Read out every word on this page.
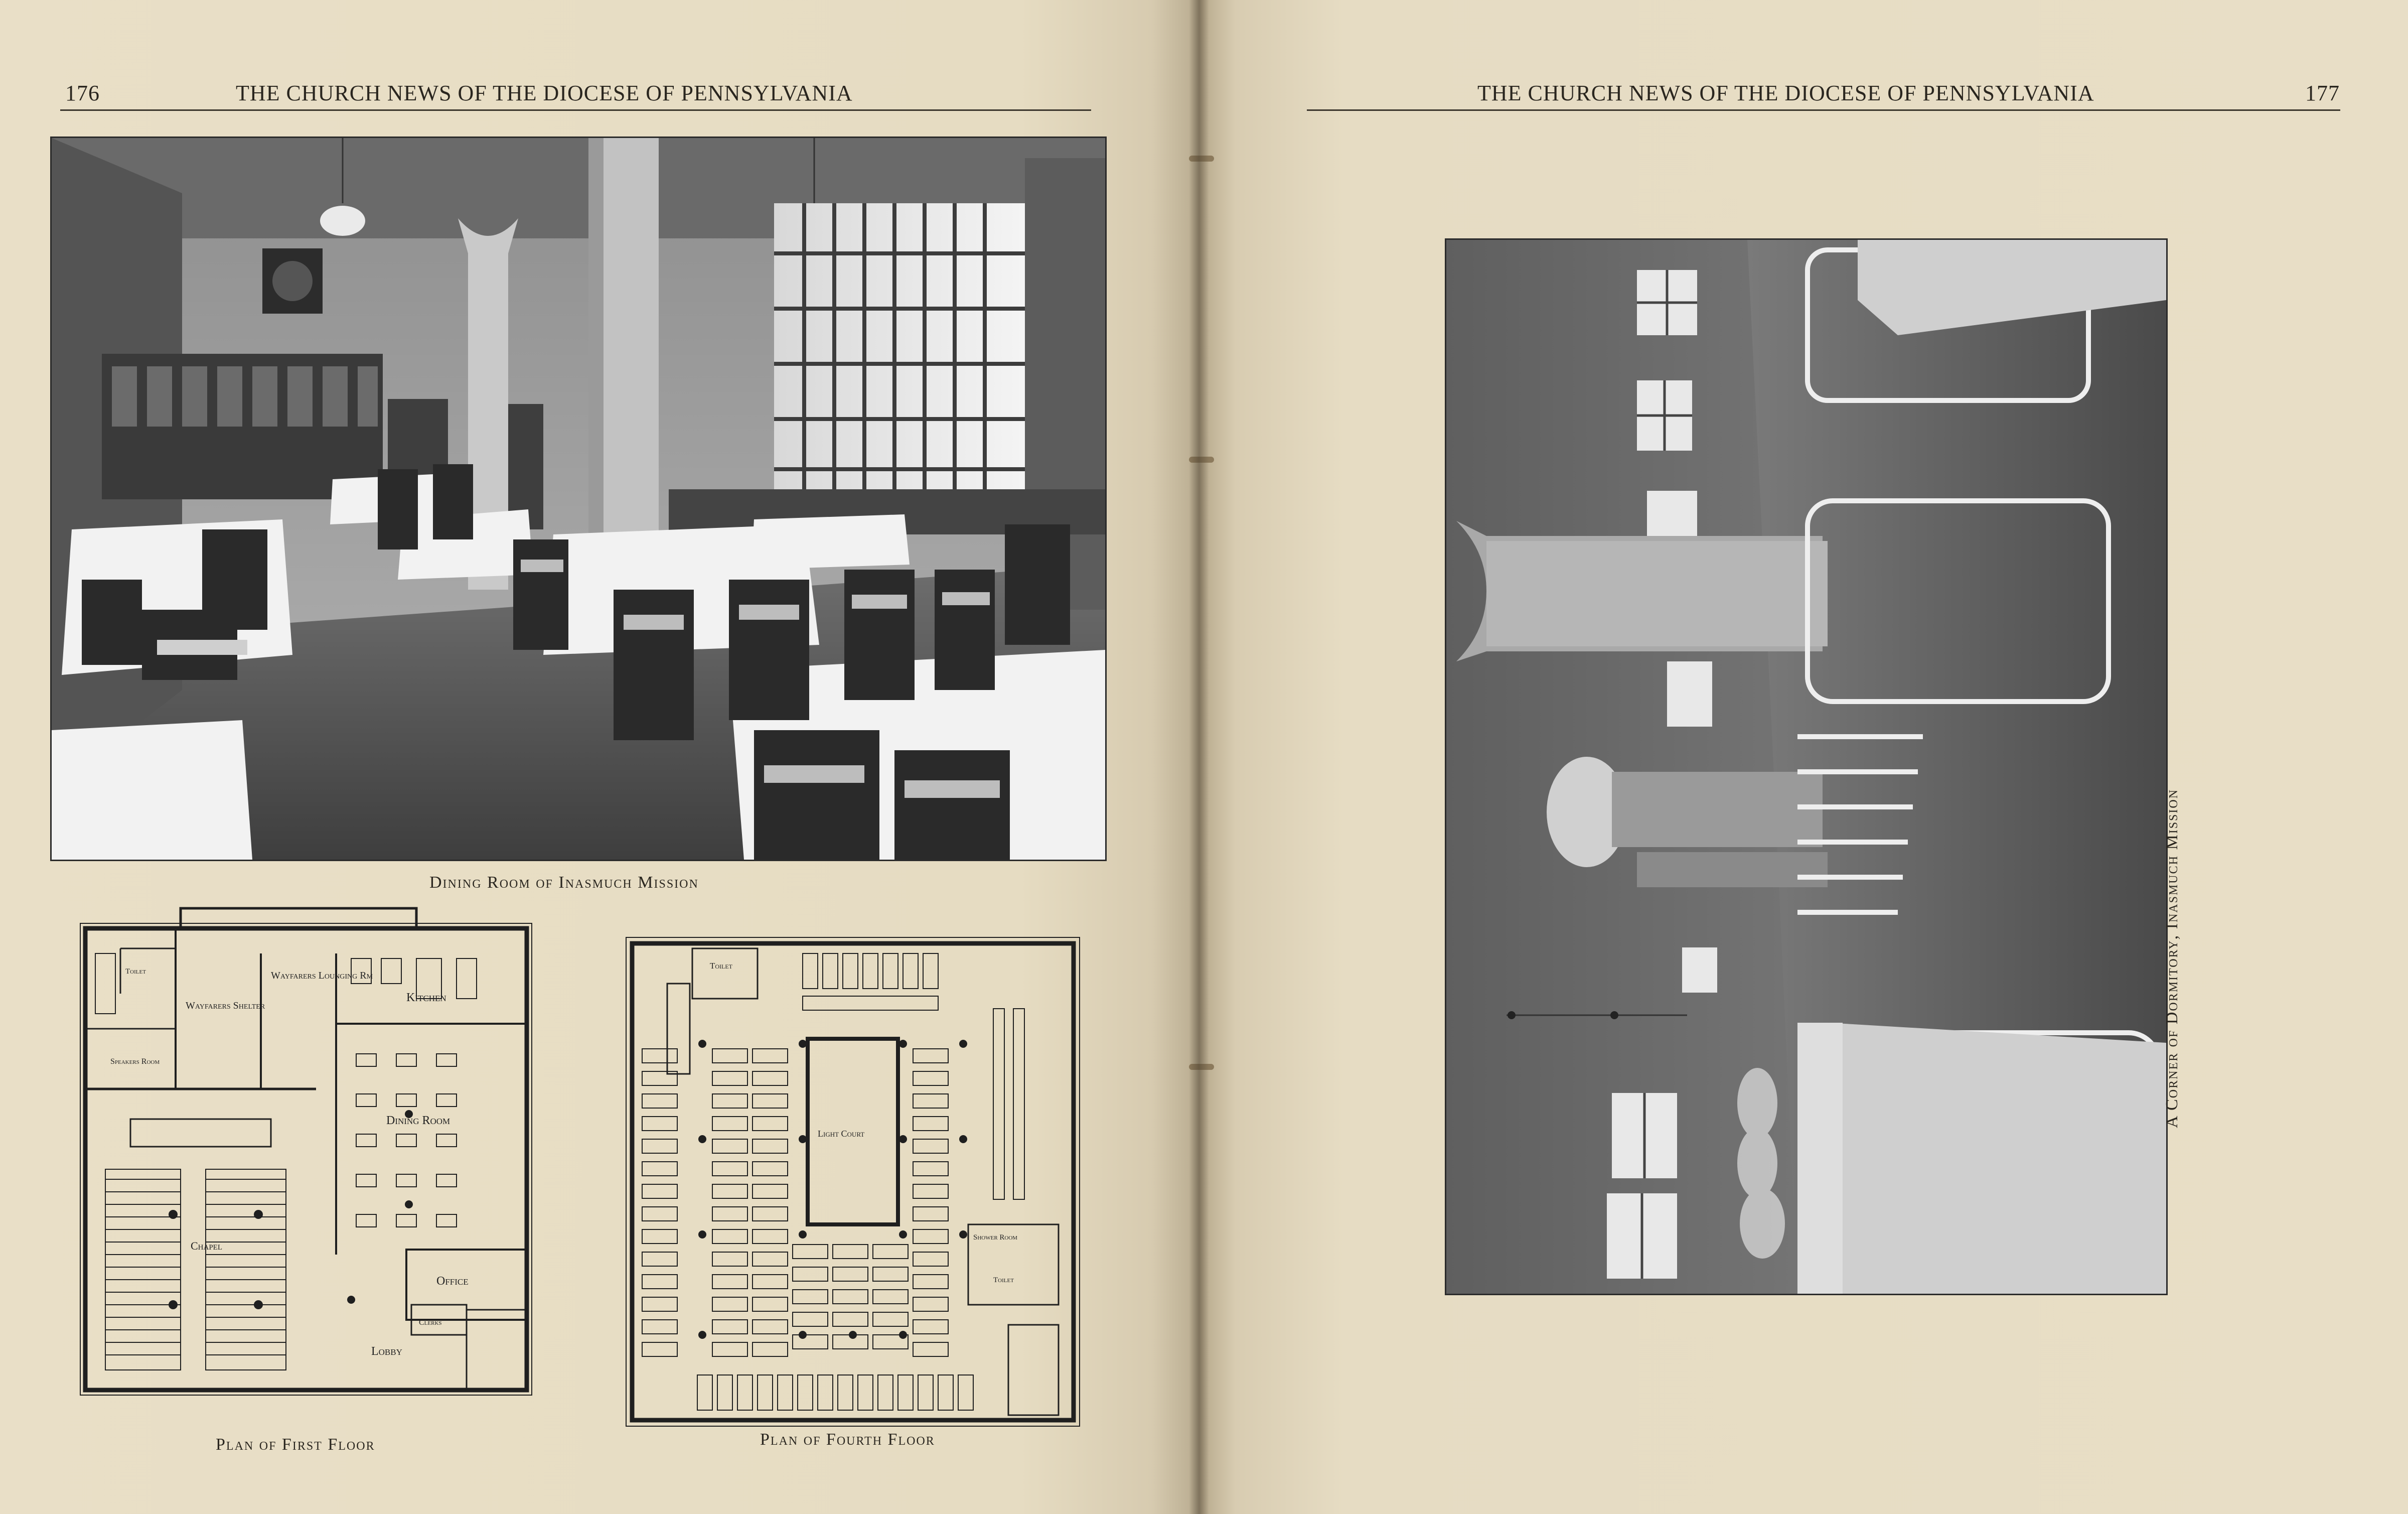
176	THE CHURCH NEWS OF THE DIOCESE OF PENNSYLVANIA
Dining Room of Inasmuch Mission
Wayfarers Lounging Rm
Toilet
Wayfarers Shelter
Kitchen
Speakers Room
Dining Room
Chapel
Office
Clerks
Lobby
Plan of First Floor
Toilet
Light Court
Shower Room
Toilet
Plan of Fourth Floor
THE CHURCH NEWS OF THE DIOCESE OF PENNSYLVANIA	177
A Corner of Dormitory, Inasmuch Mission
